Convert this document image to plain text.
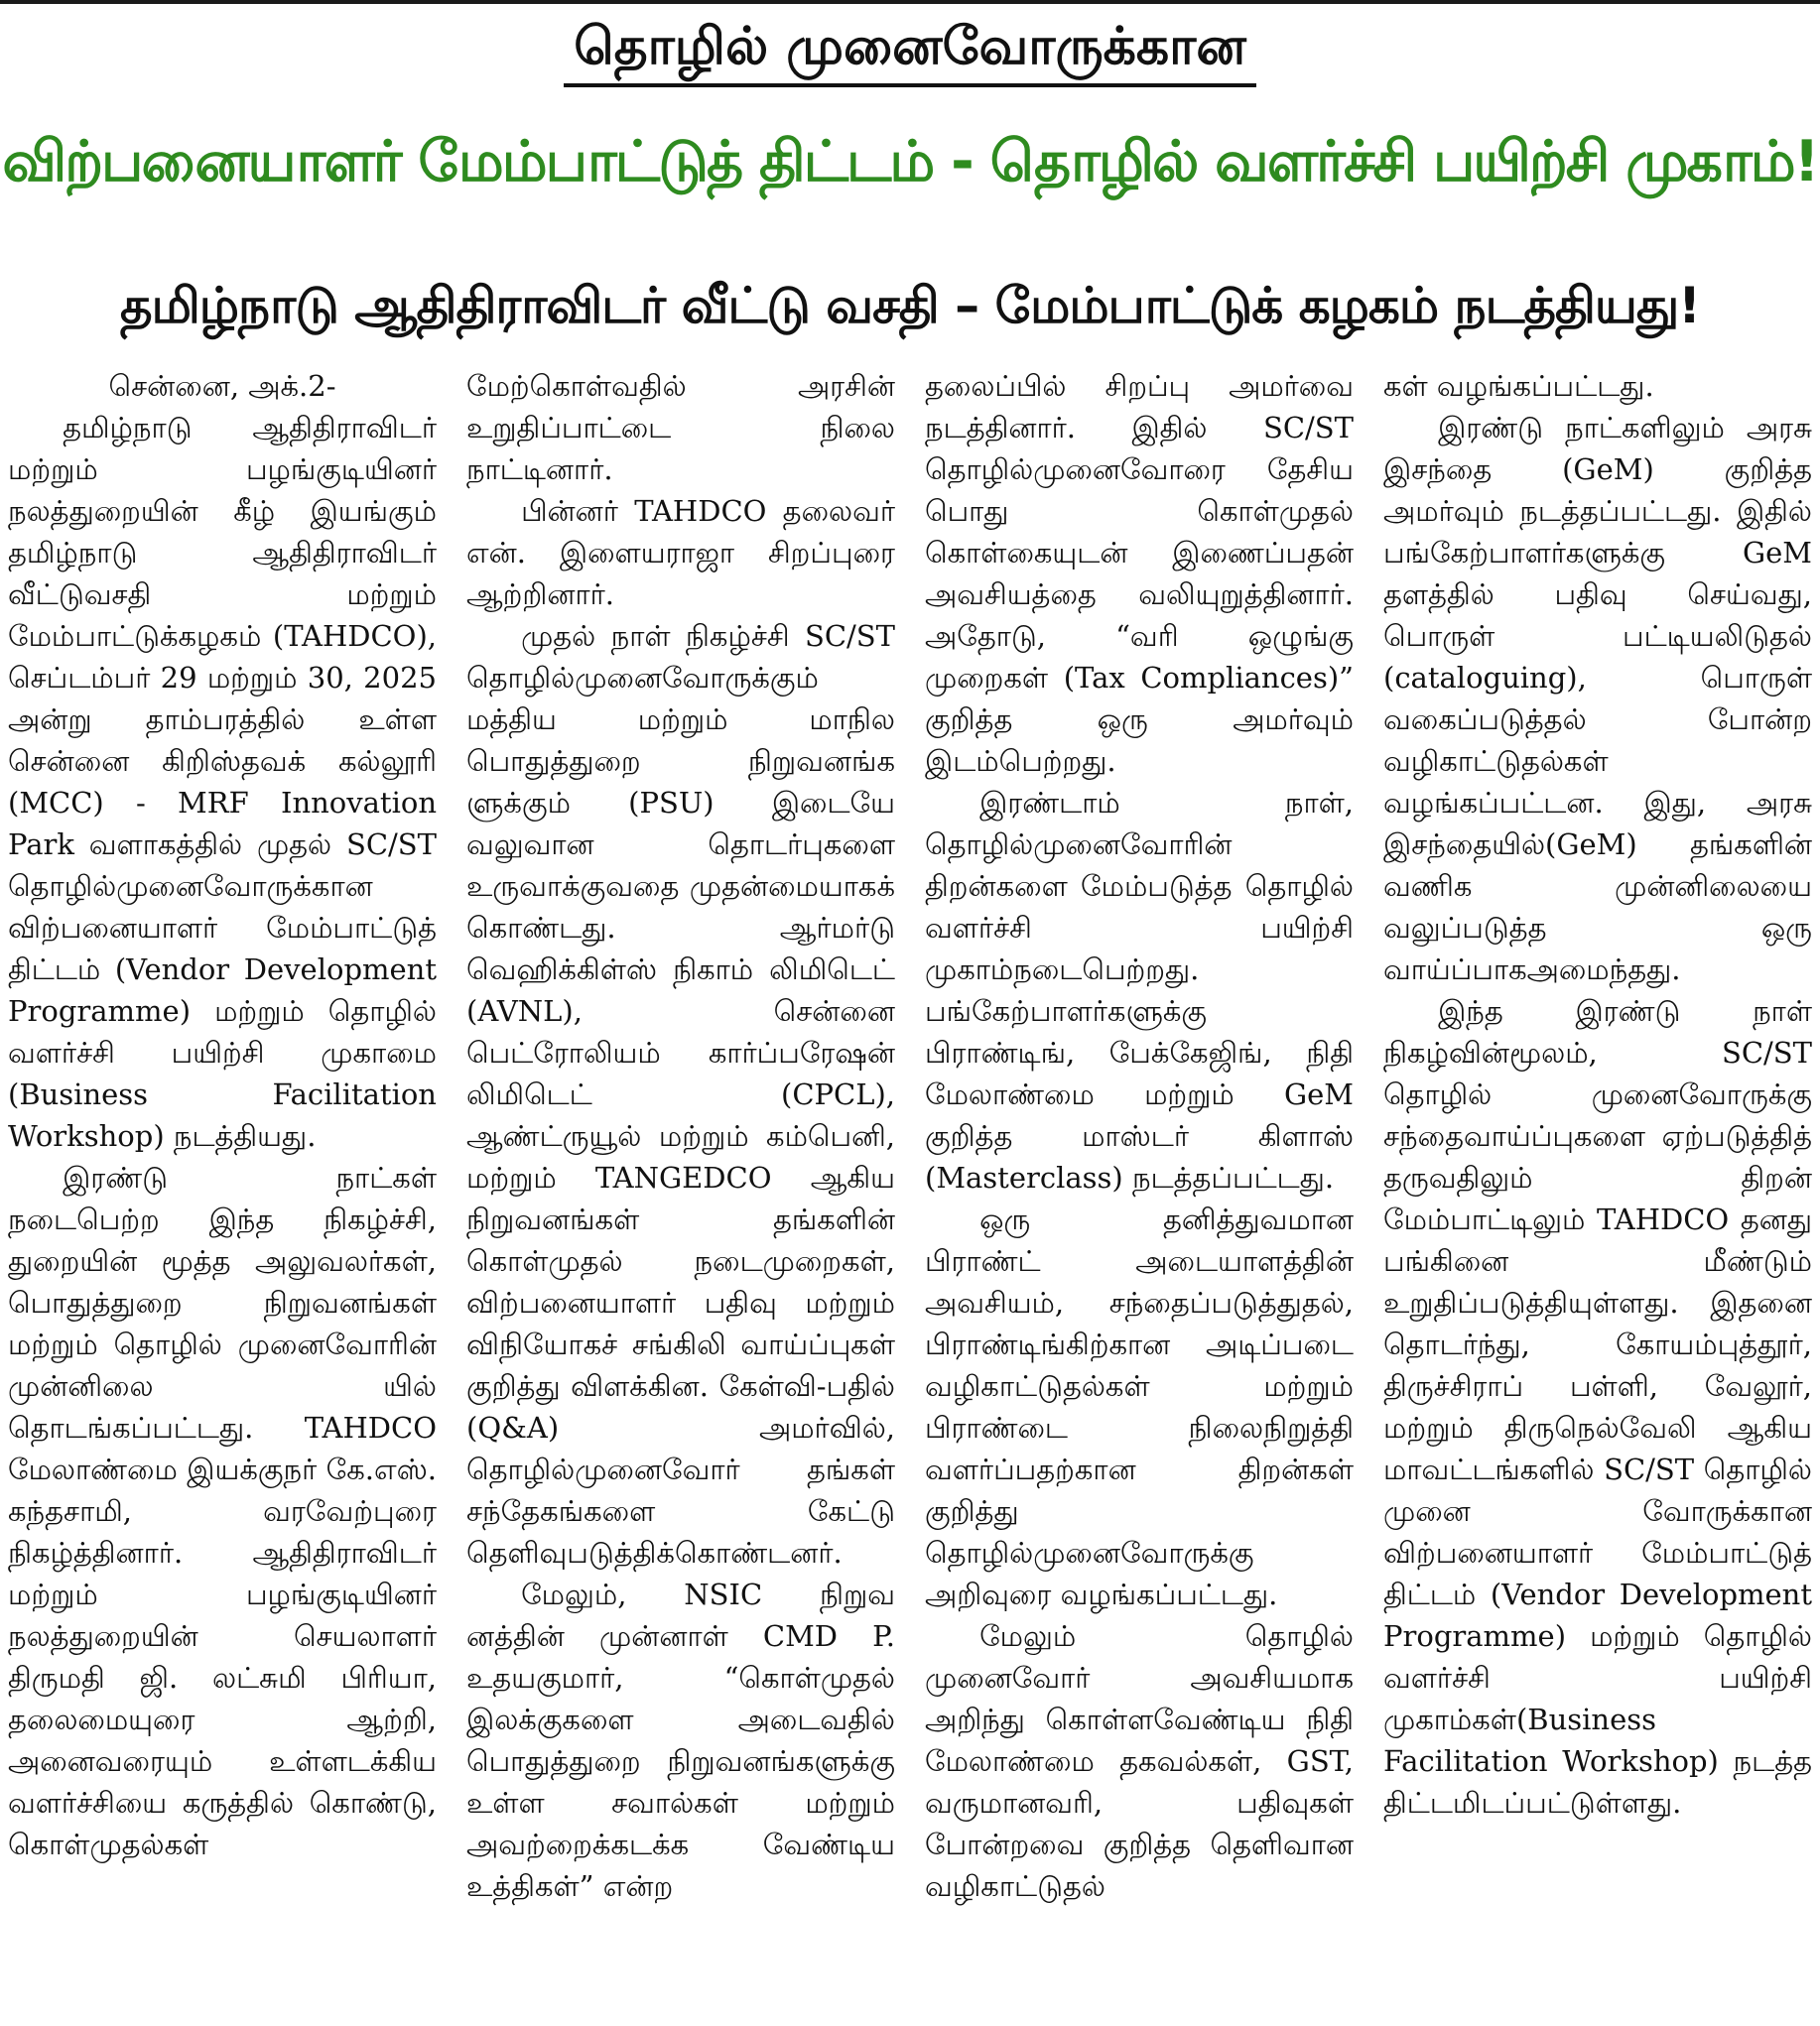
தொழில் முனைவோருக்கான
விற்பனையாளர் மேம்பாட்டுத் திட்டம் - தொழில் வளர்ச்சி பயிற்சி முகாம்!
தமிழ்நாடு ஆதிதிராவிடர் வீட்டு வசதி – மேம்பாட்டுக் கழகம் நடத்தியது!

சென்னை, அக்.2-

தமிழ்நாடு ஆதிதிராவிடர் மற்றும் பழங்குடியினர் நலத்துறையின் கீழ் இயங்கும் தமிழ்நாடு ஆதிதிராவிடர் வீட்டுவசதி மற்றும் மேம்பாட்டுக்கழகம் (TAHDCO), செப்டம்பர் 29 மற்றும் 30, 2025 அன்று தாம்பரத்தில் உள்ள சென்னை கிறிஸ்தவக் கல்லூரி (MCC) - MRF Innovation Park வளாகத்தில் முதல் SC/ST தொழில்முனைவோருக்கான விற்பனையாளர் மேம்பாட்டுத் திட்டம் (Vendor Development Programme) மற்றும் தொழில் வளர்ச்சி பயிற்சி முகாமை (Business Facilitation Workshop) நடத்தியது.

இரண்டு நாட்கள் நடைபெற்ற இந்த நிகழ்ச்சி, துறையின் மூத்த அலுவலர்கள், பொதுத்துறை நிறுவனங்கள் மற்றும் தொழில் முனைவோரின் முன்னிலை யில் தொடங்கப்பட்டது. TAHDCO மேலாண்மை இயக்குநர் கே.எஸ். கந்தசாமி, வரவேற்புரை நிகழ்த்தினார். ஆதிதிராவிடர் மற்றும் பழங்குடியினர் நலத்துறையின் செயலாளர் திருமதி ஜி. லட்சுமி பிரியா, தலைமையுரை ஆற்றி, அனைவரையும் உள்ளடக்கிய வளர்ச்சியை கருத்தில் கொண்டு, கொள்முதல்கள்

மேற்கொள்வதில் அரசின் உறுதிப்பாட்டை நிலை நாட்டினார்.

பின்னர் TAHDCO தலைவர் என். இளையராஜா சிறப்புரை ஆற்றினார்.

முதல் நாள் நிகழ்ச்சி SC/ST தொழில்முனைவோருக்கும் மத்திய மற்றும் மாநில பொதுத்துறை நிறுவனங்க ளுக்கும் (PSU) இடையே வலுவான தொடர்புகளை உருவாக்குவதை முதன்மையாகக் கொண்டது. ஆர்மர்டு வெஹிக்கிள்ஸ் நிகாம் லிமிடெட் (AVNL), சென்னை பெட்ரோலியம் கார்ப்பரேஷன் லிமிடெட் (CPCL), ஆண்ட்ருயூல் மற்றும் கம்பெனி, மற்றும் TANGEDCO ஆகிய நிறுவனங்கள் தங்களின் கொள்முதல் நடைமுறைகள், விற்பனையாளர் பதிவு மற்றும் விநியோகச் சங்கிலி வாய்ப்புகள் குறித்து விளக்கின. கேள்வி-பதில் (Q&A) அமர்வில், தொழில்முனைவோர் தங்கள் சந்தேகங்களை கேட்டு தெளிவுபடுத்திக்கொண்டனர்.

மேலும், NSIC நிறுவ னத்தின் முன்னாள் CMD P. உதயகுமார், “கொள்முதல் இலக்குகளை அடைவதில் பொதுத்துறை நிறுவனங்களுக்கு உள்ள சவால்கள் மற்றும் அவற்றைக்கடக்க வேண்டிய உத்திகள்” என்ற

தலைப்பில் சிறப்பு அமர்வை நடத்தினார். இதில் SC/ST தொழில்முனைவோரை தேசிய பொது கொள்முதல் கொள்கையுடன் இணைப்பதன் அவசியத்தை வலியுறுத்தினார். அதோடு, “வரி ஒழுங்கு முறைகள் (Tax Compliances)” குறித்த ஒரு அமர்வும் இடம்பெற்றது.

இரண்டாம் நாள், தொழில்முனைவோரின் திறன்களை மேம்படுத்த தொழில் வளர்ச்சி பயிற்சி முகாம்நடைபெற்றது. பங்கேற்பாளர்களுக்கு பிராண்டிங், பேக்கேஜிங், நிதி மேலாண்மை மற்றும் GeM குறித்த மாஸ்டர் கிளாஸ் (Masterclass) நடத்தப்பட்டது.

ஒரு தனித்துவமான பிராண்ட் அடையாளத்தின் அவசியம், சந்தைப்படுத்துதல், பிராண்டிங்கிற்கான அடிப்படை வழிகாட்டுதல்கள் மற்றும் பிராண்டை நிலைநிறுத்தி வளர்ப்பதற்கான திறன்கள் குறித்து தொழில்முனைவோருக்கு அறிவுரை வழங்கப்பட்டது.

மேலும் தொழில் முனைவோர் அவசியமாக அறிந்து கொள்ளவேண்டிய நிதி மேலாண்மை தகவல்கள், GST, வருமானவரி, பதிவுகள் போன்றவை குறித்த தெளிவான வழிகாட்டுதல்

கள் வழங்கப்பட்டது.

இரண்டு நாட்களிலும் அரசு இசந்தை (GeM) குறித்த அமர்வும் நடத்தப்பட்டது. இதில் பங்கேற்பாளர்களுக்கு GeM தளத்தில் பதிவு செய்வது, பொருள் பட்டியலிடுதல் (cataloguing), பொருள் வகைப்படுத்தல் போன்ற வழிகாட்டுதல்கள் வழங்கப்பட்டன. இது, அரசு இசந்தையில்(GeM) தங்களின் வணிக முன்னிலையை வலுப்படுத்த ஒரு வாய்ப்பாகஅமைந்தது.

இந்த இரண்டு நாள் நிகழ்வின்மூலம், SC/ST தொழில் முனைவோருக்கு சந்தைவாய்ப்புகளை ஏற்படுத்தித் தருவதிலும் திறன் மேம்பாட்டிலும் TAHDCO தனது பங்கினை மீண்டும் உறுதிப்படுத்தியுள்ளது. இதனை தொடர்ந்து, கோயம்புத்தூர், திருச்சிராப் பள்ளி, வேலூர், மற்றும் திருநெல்வேலி ஆகிய மாவட்டங்களில் SC/ST தொழில் முனை வோருக்கான விற்பனையாளர் மேம்பாட்டுத் திட்டம் (Vendor Development Programme) மற்றும் தொழில் வளர்ச்சி பயிற்சி முகாம்கள்(Business Facilitation Workshop) நடத்த திட்டமிடப்பட்டுள்ளது.
